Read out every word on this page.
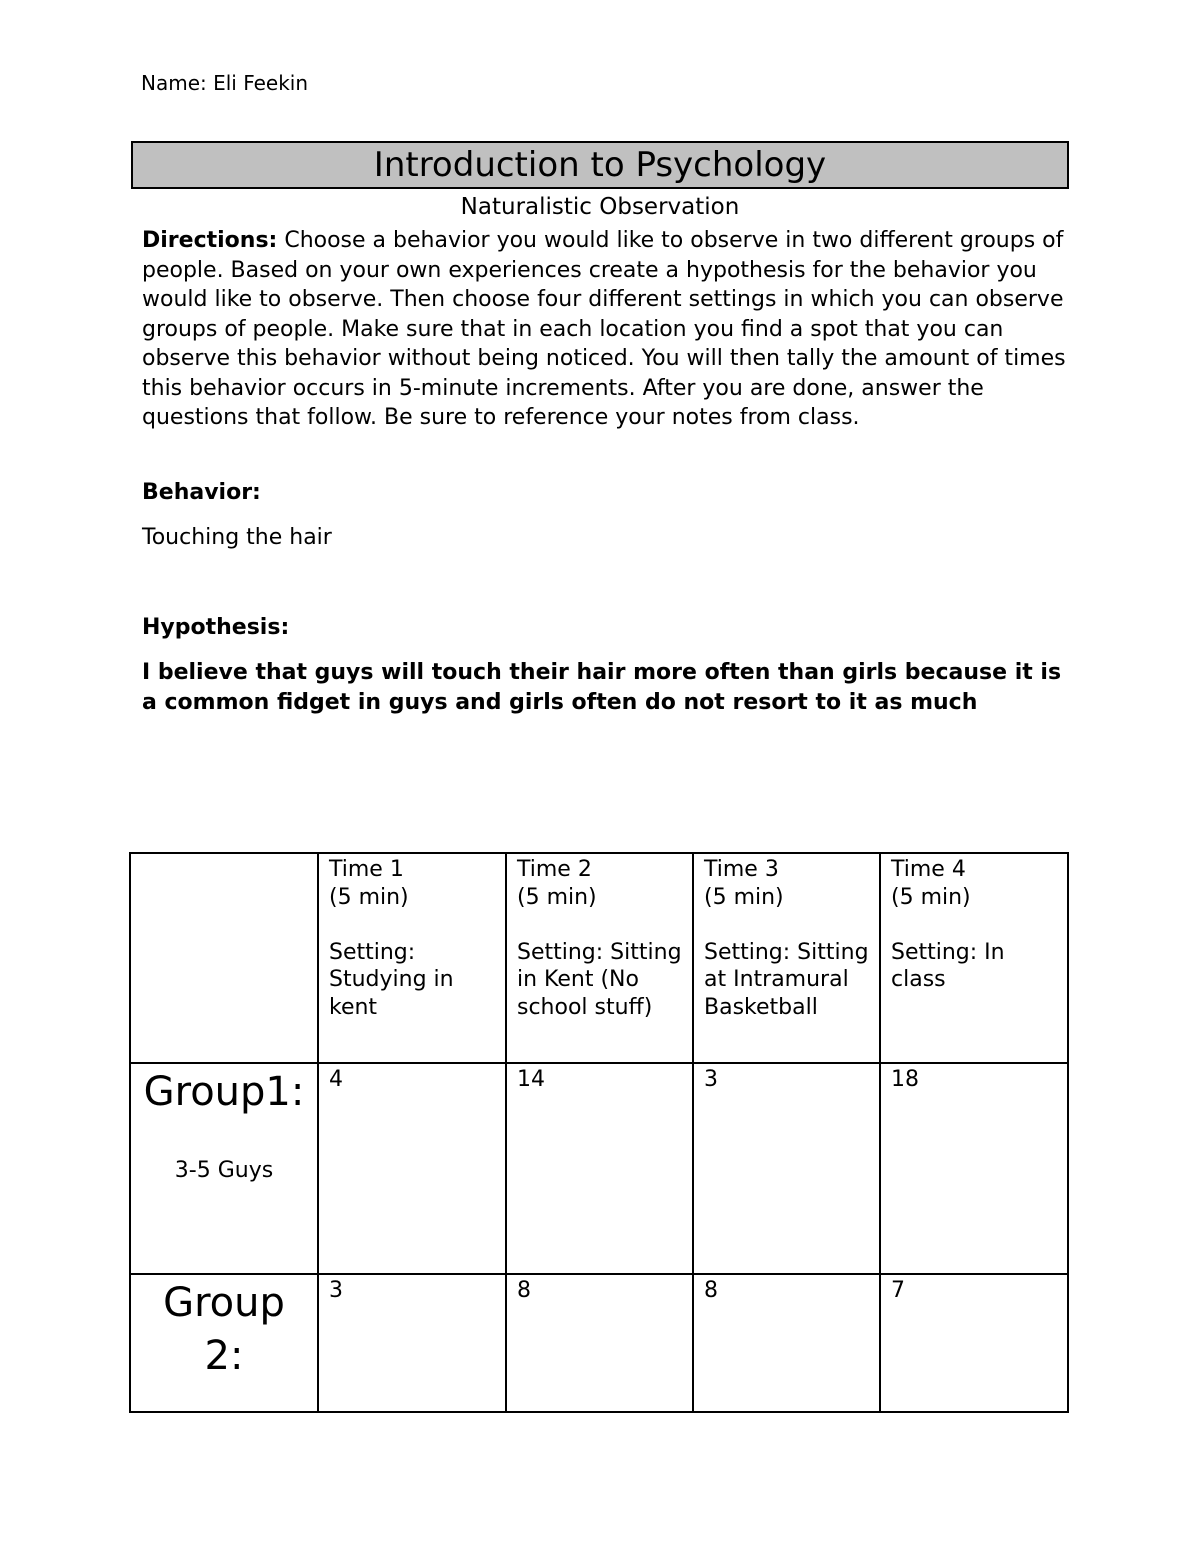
Name: Eli Feekin
Introduction to Psychology
Naturalistic Observation

Directions: Choose a behavior you would like to observe in two different groups of people. Based on your own experiences create a hypothesis for the behavior you would like to observe. Then choose four different settings in which you can observe groups of people. Make sure that in each location you find a spot that you can observe this behavior without being noticed. You will then tally the amount of times this behavior occurs in 5-minute increments. After you are done, answer the questions that follow. Be sure to reference your notes from class.

Behavior:
Touching the hair
Hypothesis:

I believe that guys will touch their hair more often than girls because it is a common fidget in guys and girls often do not resort to it as much

	Time 1
(5 min)
Setting: Studying in kent	Time 2
(5 min)
Setting: Sitting in Kent (No school stuff)	Time 3
(5 min)
Setting: Sitting at Intramural Basketball	Time 4
(5 min)
Setting: In class

Group1:
3-5 Guys	4	14	3	18

Group 2:	3	8	8	7
